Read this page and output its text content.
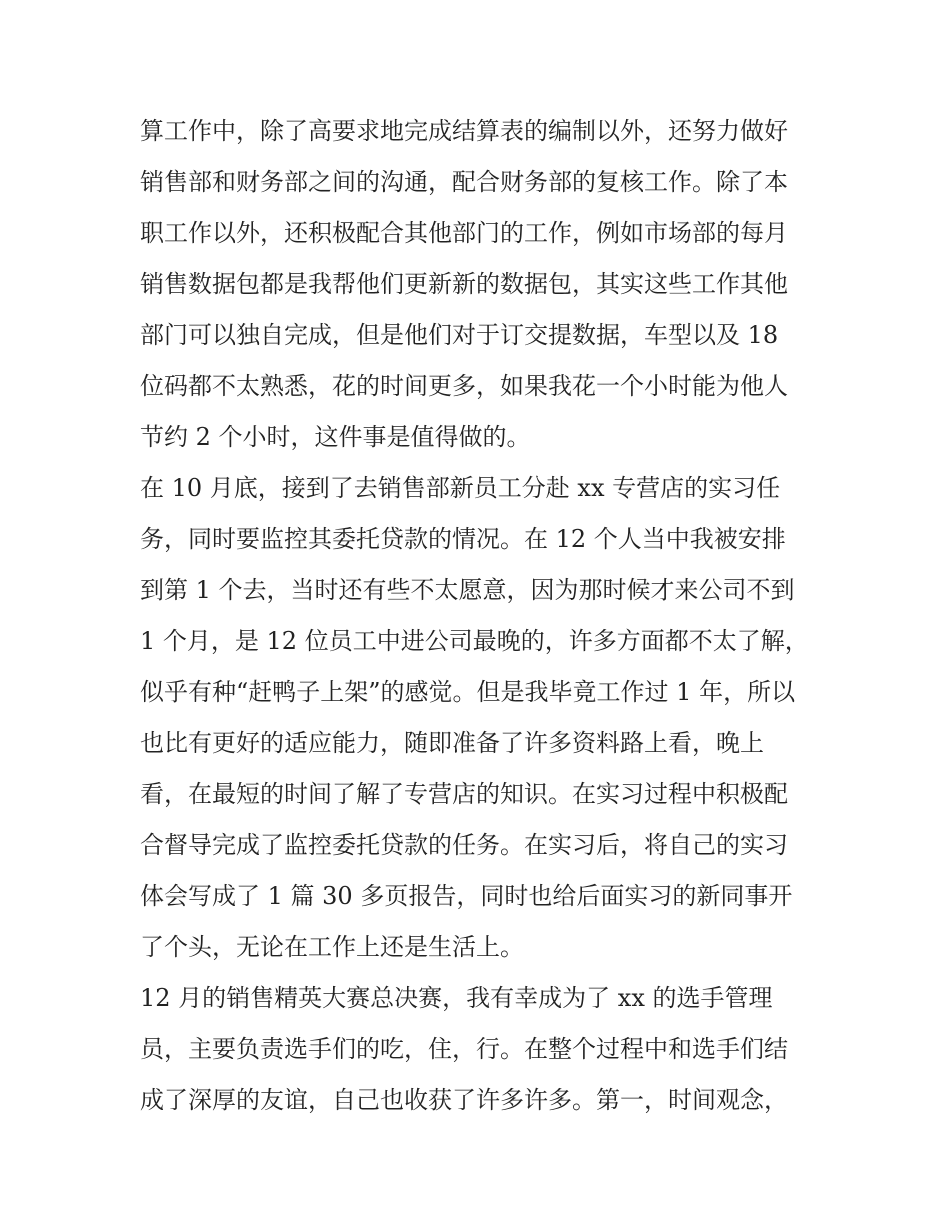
算工作中，除了高要求地完成结算表的编制以外，还努力做好
销售部和财务部之间的沟通，配合财务部的复核工作。除了本
职工作以外，还积极配合其他部门的工作，例如市场部的每月
销售数据包都是我帮他们更新新的数据包，其实这些工作其他
部门可以独自完成，但是他们对于订交提数据，车型以及 18
位码都不太熟悉，花的时间更多，如果我花一个小时能为他人
节约 2 个小时，这件事是值得做的。
在 10 月底，接到了去销售部新员工分赴 xx 专营店的实习任
务，同时要监控其委托贷款的情况。在 12 个人当中我被安排
到第 1 个去，当时还有些不太愿意，因为那时候才来公司不到
1 个月，是 12 位员工中进公司最晚的，许多方面都不太了解，
似乎有种“赶鸭子上架”的感觉。但是我毕竟工作过 1 年，所以
也比有更好的适应能力，随即准备了许多资料路上看，晚上
看，在最短的时间了解了专营店的知识。在实习过程中积极配
合督导完成了监控委托贷款的任务。在实习后，将自己的实习
体会写成了 1 篇 30 多页报告，同时也给后面实习的新同事开
了个头，无论在工作上还是生活上。
12 月的销售精英大赛总决赛，我有幸成为了 xx 的选手管理
员，主要负责选手们的吃，住，行。在整个过程中和选手们结
成了深厚的友谊，自己也收获了许多许多。第一，时间观念，
